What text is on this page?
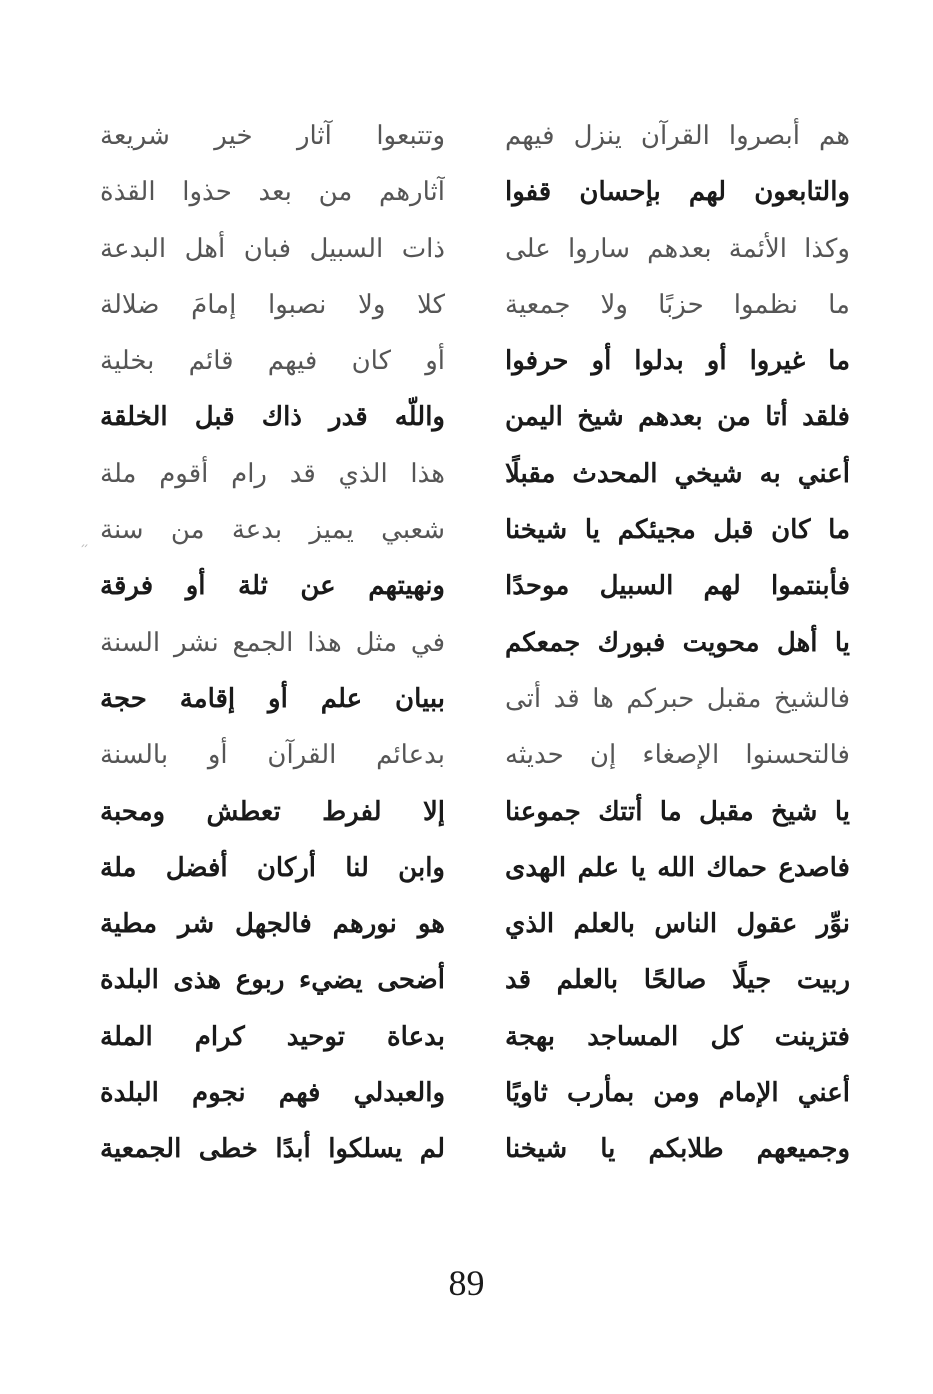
هم أبصروا القرآن ينزل فيهم
والتابعون لهم بإحسان قفوا
وكذا الأئمة بعدهم ساروا على
ما نظموا حزبًا ولا جمعية
ما غيروا أو بدلوا أو حرفوا
فلقد أتا من بعدهم شيخ اليمن
أعني به شيخي المحدث مقبلًا
ما كان قبل مجيئكم يا شيخنا
فأبنتموا لهم السبيل موحدًا
يا أهل محويت فبورك جمعكم
فالشيخ مقبل حبركم ها قد أتى
فالتحسنوا الإصغاء إن حديثه
يا شيخ مقبل ما أتتك جموعنا
فاصدع حماك الله يا علم الهدى
نوِّر عقول الناس بالعلم الذي
ربيت جيلًا صالحًا بالعلم قد
فتزينت كل المساجد بهجة
أعني الإمام ومن بمأرب ثاويًا
وجميعهم طلابكم يا شيخنا
وتتبعوا آثار خير شريعة
آثارهم من بعد حذوا القذة
ذات السبيل فبان أهل البدعة
كلا ولا نصبوا إمامَ ضلالة
أو كان فيهم قائم بخلية
واللّه قدر ذاك قبل الخلقة
هذا الذي قد رام أقوم ملة
شعبي يميز بدعة من سنة
ونهيتهم عن ثلة أو فرقة
في مثل هذا الجمع نشر السنة
ببيان علم أو إقامة حجة
بدعائم القرآن أو بالسنة
إلا لفرط تعطش ومحبة
وابن لنا أركان أفضل ملة
هو نورهم فالجهل شر مطية
أضحى يضيء ربوع هذى البلدة
بدعاة توحيد كرام الملة
والعبدلي فهم نجوم البلدة
لم يسلكوا أبدًا خطى الجمعية
״
89
